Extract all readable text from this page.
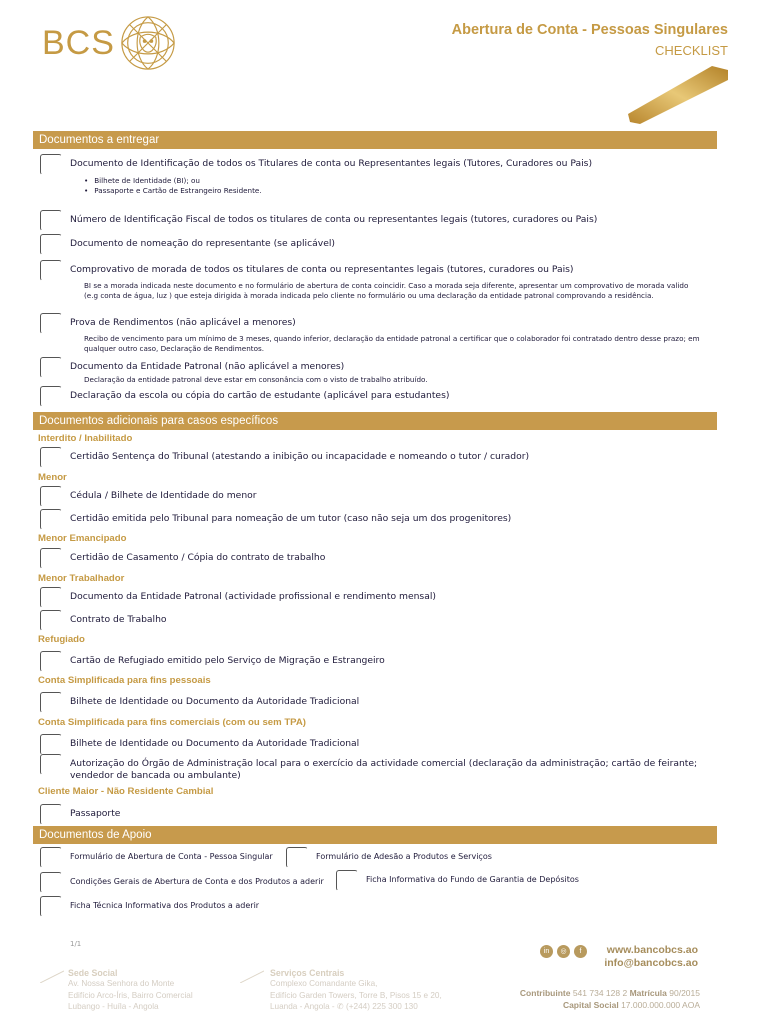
BCS	Abertura de Conta - Pessoas Singulares
CHECKLIST
Documentos a entregar
Documento de Identificação de todos os Titulares de conta ou Representantes legais (Tutores, Curadores ou Pais)
• Bilhete de Identidade (BI); ou
• Passaporte e Cartão de Estrangeiro Residente.
Número de Identificação Fiscal de todos os titulares de conta ou representantes legais (tutores, curadores ou Pais)
Documento de nomeação do representante (se aplicável)
Comprovativo de morada de todos os titulares de conta ou representantes legais (tutores, curadores ou Pais)
BI se a morada indicada neste documento e no formulário de abertura de conta coincidir. Caso a morada seja diferente, apresentar um comprovativo de morada valido (e.g conta de água, luz ) que esteja dirigida à morada indicada pelo cliente no formulário ou uma declaração da entidade patronal comprovando a residência.
Prova de Rendimentos (não aplicável a menores)
Recibo de vencimento para um mínimo de 3 meses, quando inferior, declaração da entidade patronal a certificar que o colaborador foi contratado dentro desse prazo; em qualquer outro caso, Declaração de Rendimentos.
Documento da Entidade Patronal (não aplicável a menores)
Declaração da entidade patronal deve estar em consonância com o visto de trabalho atribuído.
Declaração da escola ou cópia do cartão de estudante (aplicável para estudantes)
Documentos adicionais para casos específicos
Interdito / Inabilitado
Certidão Sentença do Tribunal (atestando a inibição ou incapacidade e nomeando o tutor / curador)
Menor
Cédula / Bilhete de Identidade do menor
Certidão emitida pelo Tribunal para nomeação de um tutor (caso não seja um dos progenitores)
Menor Emancipado
Certidão de Casamento / Cópia do contrato de trabalho
Menor Trabalhador
Documento da Entidade Patronal (actividade profissional e rendimento mensal)
Contrato de Trabalho
Refugiado
Cartão de Refugiado emitido pelo Serviço de Migração e Estrangeiro
Conta Simplificada para fins pessoais
Bilhete de Identidade ou Documento da Autoridade Tradicional
Conta Simplificada para fins comerciais (com ou sem TPA)
Bilhete de Identidade ou Documento da Autoridade Tradicional
Autorização do Órgão de Administração local para o exercício da actividade comercial (declaração da administração; cartão de feirante; vendedor de bancada ou ambulante)
Cliente Maior - Não Residente Cambial
Passaporte
Documentos de Apoio
Formulário de Abertura de Conta - Pessoa Singular	Formulário de Adesão a Produtos e Serviços
Condições Gerais de Abertura de Conta e dos Produtos a aderir	Ficha Informativa do Fundo de Garantia de Depósitos
Ficha Técnica Informativa dos Produtos a aderir
1/1
Sede Social
Av. Nossa Senhora do Monte
Edifício Arco-Íris, Bairro Comercial
Lubango - Huíla - Angola
Serviços Centrais
Complexo Comandante Gika,
Edifício Garden Towers, Torre B, Pisos 15 e 20,
Luanda - Angola - ✆ (+244) 225 300 130
in	◎	f	www.bancobcs.ao
info@bancobcs.ao
Contribuinte 541 734 128 2 Matrícula 90/2015
Capital Social 17.000.000.000 AOA
